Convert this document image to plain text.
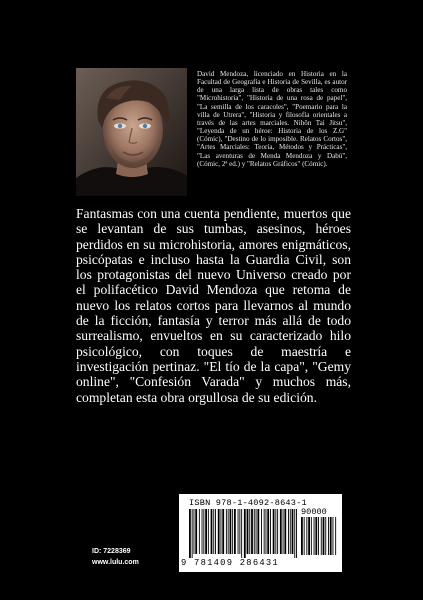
David Mendoza, licenciado en Historia en la Facultad de Geografía e Historia de Sevilla, es autor de una larga lista de obras tales como "Microhistoria", "Historia de una rosa de papel", "La semilla de los caracoles", "Poemario para la villa de Utrera", "Historia y filosofía orientales a través de las artes marciales. Nihôn Tai Jitsu", "Leyenda de un héroe: Historia de los Z.G" (Cómic), "Destino de lo imposible. Relatos Cortos", "Artes Marciales: Teoría, Métodos y Prácticas", "Las aventuras de Menda Mendoza y Dabú", (Cómic, 2ª ed.) y "Relatos Gráficos" (Cómic).

Fantasmas con una cuenta pendiente, muertos que se levantan de sus tumbas, asesinos, héroes perdidos en su microhistoria, amores enigmáticos, psicópatas e incluso hasta la Guardia Civil, son los protagonistas del nuevo Universo creado por el polifacético David Mendoza que retoma de nuevo los relatos cortos para llevarnos al mundo de la ficción, fantasía y terror más allá de todo surrealismo, envueltos en su caracterizado hilo psicológico, con toques de maestría e investigación pertinaz. "El tío de la capa", "Gemy online", "Confesión Varada" y muchos más, completan esta obra orgullosa de su edición.

ID: 7228369
www.lulu.com
ISBN 978-1-4092-8643-1
90000
9 781409 286431
